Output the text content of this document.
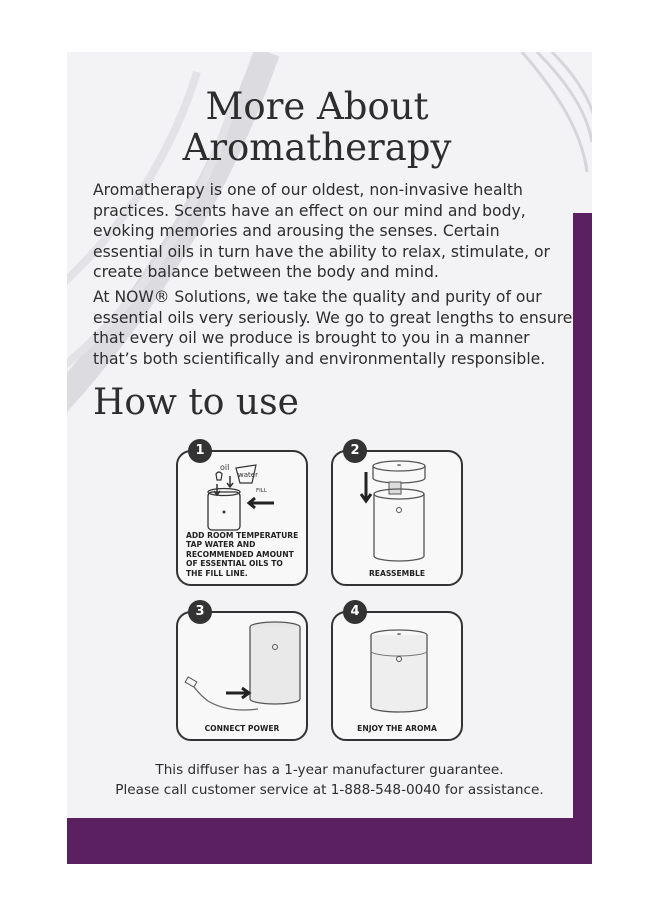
More About
Aromatherapy

Aromatherapy is one of our oldest, non-invasive health practices. Scents have an effect on our mind and body, evoking memories and arousing the senses. Certain essential oils in turn have the ability to relax, stimulate, or create balance between the body and mind.

At NOW® Solutions, we take the quality and purity of our essential oils very seriously. We go to great lengths to ensure that every oil we produce is brought to you in a manner that’s both scientifically and environmentally responsible.

How to use
1
oil
water
FILL
ADD ROOM TEMPERATURE TAP WATER AND RECOMMENDED AMOUNT OF ESSENTIAL OILS TO THE FILL LINE.
2
REASSEMBLE
3
CONNECT POWER
4
ENJOY THE AROMA

This diffuser has a 1-year manufacturer guarantee.

Please call customer service at 1-888-548-0040 for assistance.
